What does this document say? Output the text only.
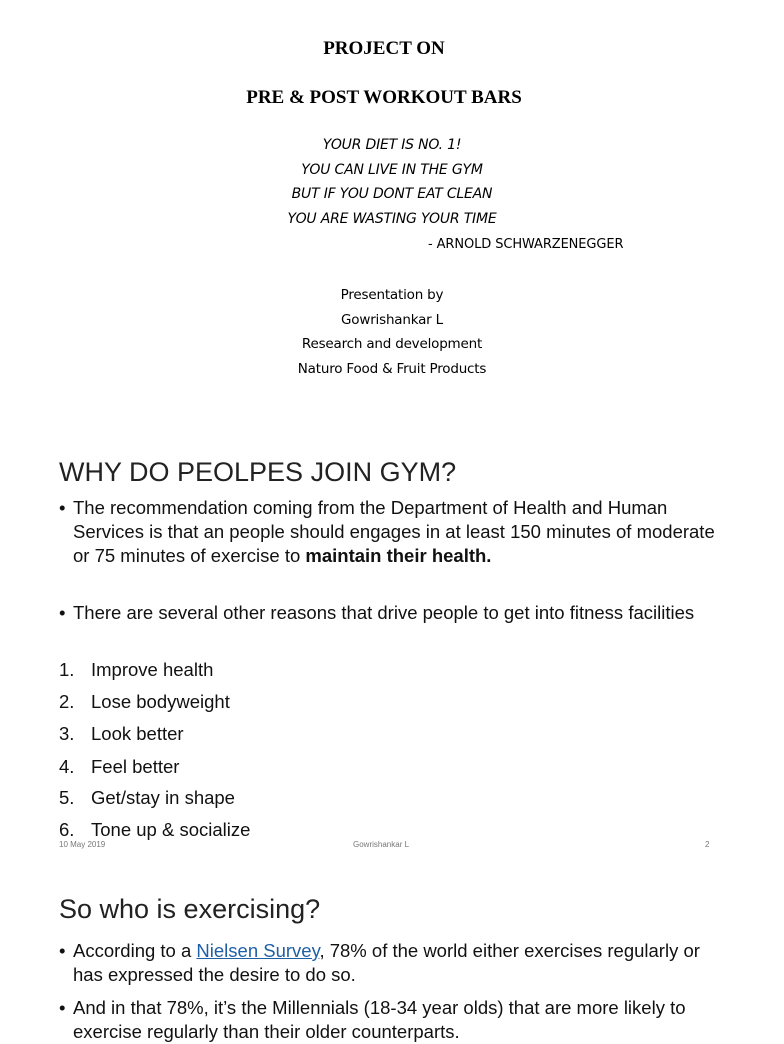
PROJECT ON
PRE & POST WORKOUT BARS
YOUR DIET IS NO. 1!
YOU CAN LIVE IN THE GYM
BUT IF YOU DONT EAT CLEAN
YOU ARE WASTING YOUR TIME
- ARNOLD SCHWARZENEGGER
Presentation by
Gowrishankar L
Research and development
Naturo Food & Fruit Products
WHY DO PEOLPES JOIN GYM?
• The recommendation coming from the Department of Health and Human Services is that an people should engages in at least 150 minutes of moderate or 75 minutes of exercise to maintain their health.
• There are several other reasons that drive people to get into fitness facilities
1. Improve health
2. Lose bodyweight
3. Look better
4. Feel better
5. Get/stay in shape
6. Tone up & socialize
10 May 2019	Gowrishankar L	2
So who is exercising?
• According to a Nielsen Survey, 78% of the world either exercises regularly or has expressed the desire to do so.
• And in that 78%, it’s the Millennials (18-34 year olds) that are more likely to exercise regularly than their older counterparts.
